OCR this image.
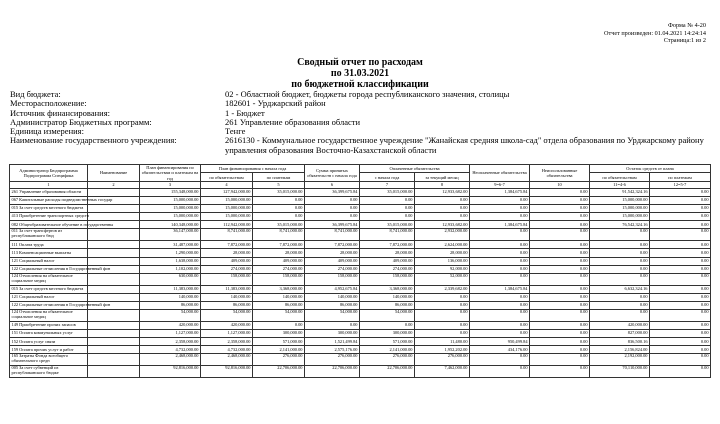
Форма № 4-20
Отчет произведен: 01.04.2021 14:24:14
Страница:1 из 2
Сводный отчет по расходам
по 31.03.2021
по бюджетной классификации
Вид бюджета:	02 - Областной бюджет, бюджеты города республиканского значения, столицы
Месторасположение:	182601 - Урджарский район
Источник финансирования:	1 - Бюджет
Администратор Бюджетных программ:	261 Управление образования области
Единица измерения:	Тенге
Наименование государственного учреждения:	2616130 - Коммунальное государственное учреждение "Жанайская средняя школа-сад" отдела образования по Урджарскому району управления образования Восточно-Казахстанской области
Администратор Бюдпрограмма Подпрограмма Специфика	Наименование	План финансирования по обязательствам и платежам на год	План финансирования с начала года		Сумма принятых обязательств с начала года	Оплаченные обязательства		Неоплаченные обязательства	Неиспользованные обязательства	Остаток средств от плана	
			по обязательствам	по платежам		с начала года	за текущий месяц			по обязательствам	по платежам
1	2	3	4	5	6	7	8	9=6-7	10	11=4-6	12=5-7
261 Управление образования области		155,348,000.00	127,942,000.00	35,015,000.00	36,399,675.84	35,015,000.00	12,933,682.00	1,384,675.84	0.00	91,542,324.16	0.00
067 Капитальные расходы подведомственных государ		15,000,000.00	15,000,000.00	0.00	0.00	0.00	0.00	0.00	0.00	15,000,000.00	0.00
015 За счет средств местного бюджета		15,000,000.00	15,000,000.00	0.00	0.00	0.00	0.00	0.00	0.00	15,000,000.00	0.00
413 Приобретение транспортных средств		15,000,000.00	15,000,000.00	0.00	0.00	0.00	0.00	0.00	0.00	15,000,000.00	0.00
082 Общеобразовательное обучение в государственны		140,348,000.00	112,942,000.00	35,015,000.00	36,399,675.84	35,015,000.00	12,933,682.00	1,384,675.84	0.00	76,542,324.16	0.00
011 За счет трансфертов из республиканского бюд		36,147,000.00	8,741,000.00	8,741,000.00	8,741,000.00	8,741,000.00	2,932,000.00	0.00	0.00	0.00	0.00
111 Оплата труда		31,487,000.00	7,872,000.00	7,872,000.00	7,872,000.00	7,872,000.00	2,624,000.00	0.00	0.00	0.00	0.00
113 Компенсационные выплаты		1,290,000.00	28,000.00	28,000.00	28,000.00	28,000.00	28,000.00	0.00	0.00	0.00	0.00
121 Социальный налог		1,638,000.00	409,000.00	409,000.00	409,000.00	409,000.00	136,000.00	0.00	0.00	0.00	0.00
122 Социальные отчисления в Государственный фон		1,102,000.00	274,000.00	274,000.00	274,000.00	274,000.00	92,000.00	0.00	0.00	0.00	0.00
124 Отчисления на обязательное социальное медиц		630,000.00	158,000.00	158,000.00	158,000.00	158,000.00	52,000.00	0.00	0.00	0.00	0.00
015 За счет средств местного бюджета		11,383,000.00	11,383,000.00	3,368,000.00	4,952,675.84	3,368,000.00	2,339,682.00	1,384,675.84	0.00	6,632,324.16	0.00
121 Социальный налог		140,000.00	140,000.00	140,000.00	140,000.00	140,000.00	0.00	0.00	0.00	0.00	0.00
122 Социальные отчисления в Государственный фон		86,000.00	86,000.00	86,000.00	86,000.00	86,000.00	0.00	0.00	0.00	0.00	0.00
124 Отчисления на обязательное социальное медиц		54,000.00	54,000.00	54,000.00	54,000.00	54,000.00	0.00	0.00	0.00	0.00	0.00
149 Приобретение прочих запасов		420,000.00	420,000.00	0.00	0.00	0.00	0.00	0.00	0.00	420,000.00	0.00
151 Оплата коммунальных услуг		1,127,000.00	1,127,000.00	300,000.00	300,000.00	300,000.00	0.00	0.00	0.00	827,000.00	0.00
152 Оплата услуг связи		2,358,000.00	2,358,000.00	571,000.00	1,521,499.84	571,000.00	11,480.00	950,499.84	0.00	836,500.16	0.00
159 Оплата прочих услуг и работ		4,732,000.00	4,732,000.00	2,141,000.00	2,575,176.00	2,141,000.00	1,952,202.00	434,176.00	0.00	2,156,824.00	0.00
165 Затраты Фонда всеобщего обязательного средн		2,468,000.00	2,468,000.00	276,000.00	276,000.00	276,000.00	276,000.00	0.00	0.00	2,192,000.00	0.00
005 За счет субвенций из республиканского бюдже		92,816,000.00	92,816,000.00	22,706,000.00	22,706,000.00	22,706,000.00	7,462,000.00	0.00	0.00	70,110,000.00	0.00
